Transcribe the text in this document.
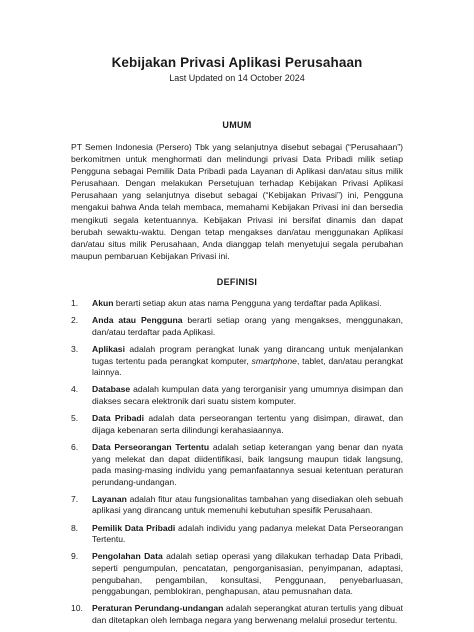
Kebijakan Privasi Aplikasi Perusahaan
Last Updated on 14 October 2024
UMUM

PT Semen Indonesia (Persero) Tbk yang selanjutnya disebut sebagai (“Perusahaan”) berkomitmen untuk menghormati dan melindungi privasi Data Pribadi milik setiap Pengguna sebagai Pemilik Data Pribadi pada Layanan di Aplikasi dan/atau situs milik Perusahaan. Dengan melakukan Persetujuan terhadap Kebijakan Privasi Aplikasi Perusahaan yang selanjutnya disebut sebagai (“Kebijakan Privasi”) ini, Pengguna mengakui bahwa Anda telah membaca, memahami Kebijakan Privasi ini dan bersedia mengikuti segala ketentuannya. Kebijakan Privasi ini bersifat dinamis dan dapat berubah sewaktu-waktu. Dengan tetap mengakses dan/atau menggunakan Aplikasi dan/atau situs milik Perusahaan, Anda dianggap telah menyetujui segala perubahan maupun pembaruan Kebijakan Privasi ini.

DEFINISI
1. Akun berarti setiap akun atas nama Pengguna yang terdaftar pada Aplikasi.
2. Anda atau Pengguna berarti setiap orang yang mengakses, menggunakan, dan/atau terdaftar pada Aplikasi.
3. Aplikasi adalah program perangkat lunak yang dirancang untuk menjalankan tugas tertentu pada perangkat komputer, smartphone, tablet, dan/atau perangkat lainnya.
4. Database adalah kumpulan data yang terorganisir yang umumnya disimpan dan diakses secara elektronik dari suatu sistem komputer.
5. Data Pribadi adalah data perseorangan tertentu yang disimpan, dirawat, dan dijaga kebenaran serta dilindungi kerahasiaannya.
6. Data Perseorangan Tertentu adalah setiap keterangan yang benar dan nyata yang melekat dan dapat diidentifikasi, baik langsung maupun tidak langsung, pada masing-masing individu yang pemanfaatannya sesuai ketentuan peraturan perundang-undangan.
7. Layanan adalah fitur atau fungsionalitas tambahan yang disediakan oleh sebuah aplikasi yang dirancang untuk memenuhi kebutuhan spesifik Perusahaan.
8. Pemilik Data Pribadi adalah individu yang padanya melekat Data Perseorangan Tertentu.
9. Pengolahan Data adalah setiap operasi yang dilakukan terhadap Data Pribadi, seperti pengumpulan, pencatatan, pengorganisasian, penyimpanan, adaptasi, pengubahan, pengambilan, konsultasi, Penggunaan, penyebarluasan, penggabungan, pemblokiran, penghapusan, atau pemusnahan data.
10. Peraturan Perundang-undangan adalah seperangkat aturan tertulis yang dibuat dan ditetapkan oleh lembaga negara yang berwenang melalui prosedur tertentu.
